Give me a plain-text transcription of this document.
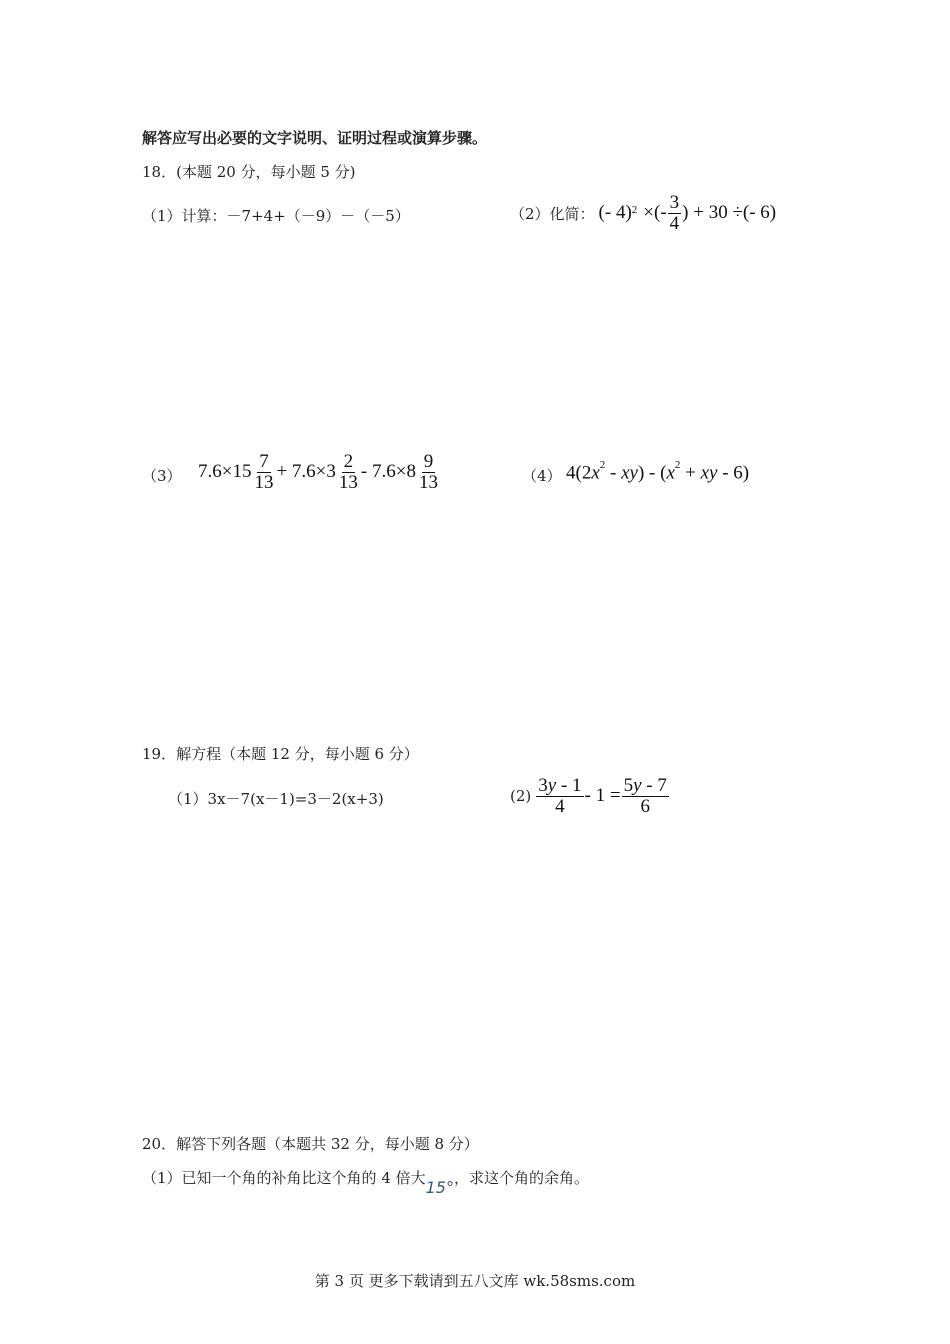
解答应写出必要的文字说明、证明过程或演算步骤。
18．(本题 20 分，每小题 5 分)
（1）计算：－7+4+（－9）－（－5）	（2）化简： (- 4)$^2$ ×(- $\frac{3}{4}$ ) + 30 ÷(- 6)
（3） $7.6\times 15 \frac{7}{13} + 7.6\times 3 \frac{2}{13} - 7.6\times 8 \frac{9}{13}$	（4） $4(2x^2 - xy) - (x^2$ + xy - 6)
19．解方程（本题 12 分，每小题 6 分）
（1）3x－7(x－1)=3－2(x+3)	$(2) \frac{3y - 1}{4} - 1 = \frac{5y - 7}{6}$
20．解答下列各题（本题共 32 分，每小题 8 分）
（1）已知一个角的补角比这个角的 4 倍大15°，求这个角的余角。
第 3 页 更多下载请到五八文库 wk.58sms.com
